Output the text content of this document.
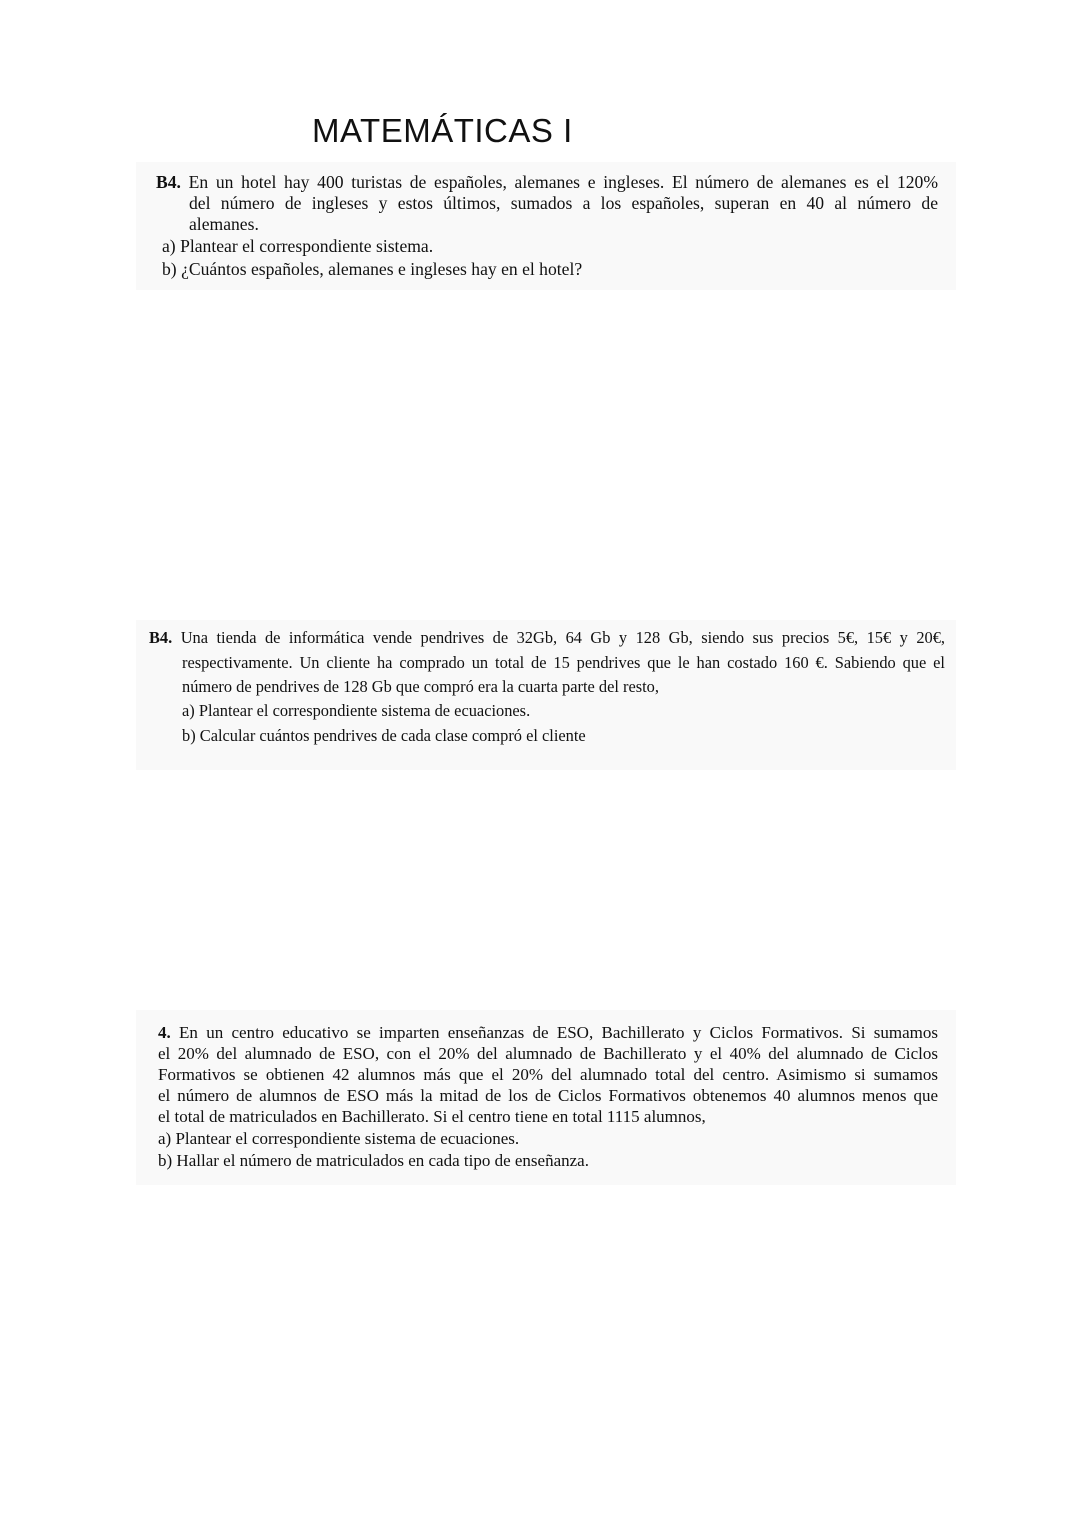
MATEMÁTICAS I
B4. En un hotel hay 400 turistas de españoles, alemanes e ingleses. El número de alemanes es el 120%
del número de ingleses y estos últimos, sumados a los españoles, superan en 40 al número de
alemanes.
a) Plantear el correspondiente sistema.
b) ¿Cuántos españoles, alemanes e ingleses hay en el hotel?
B4. Una tienda de informática vende pendrives de 32Gb, 64 Gb y 128 Gb, siendo sus precios 5€, 15€ y 20€,
respectivamente. Un cliente ha comprado un total de 15 pendrives que le han costado 160 €. Sabiendo que el
número de pendrives de 128 Gb que compró era la cuarta parte del resto,
a) Plantear el correspondiente sistema de ecuaciones.
b) Calcular cuántos pendrives de cada clase compró el cliente
4. En un centro educativo se imparten enseñanzas de ESO, Bachillerato y Ciclos Formativos. Si sumamos
el 20% del alumnado de ESO, con el 20% del alumnado de Bachillerato y el 40% del alumnado de Ciclos
Formativos se obtienen 42 alumnos más que el 20% del alumnado total del centro. Asimismo si sumamos
el número de alumnos de ESO más la mitad de los de Ciclos Formativos obtenemos 40 alumnos menos que
el total de matriculados en Bachillerato. Si el centro tiene en total 1115 alumnos,
a) Plantear el correspondiente sistema de ecuaciones.
b) Hallar el número de matriculados en cada tipo de enseñanza.
